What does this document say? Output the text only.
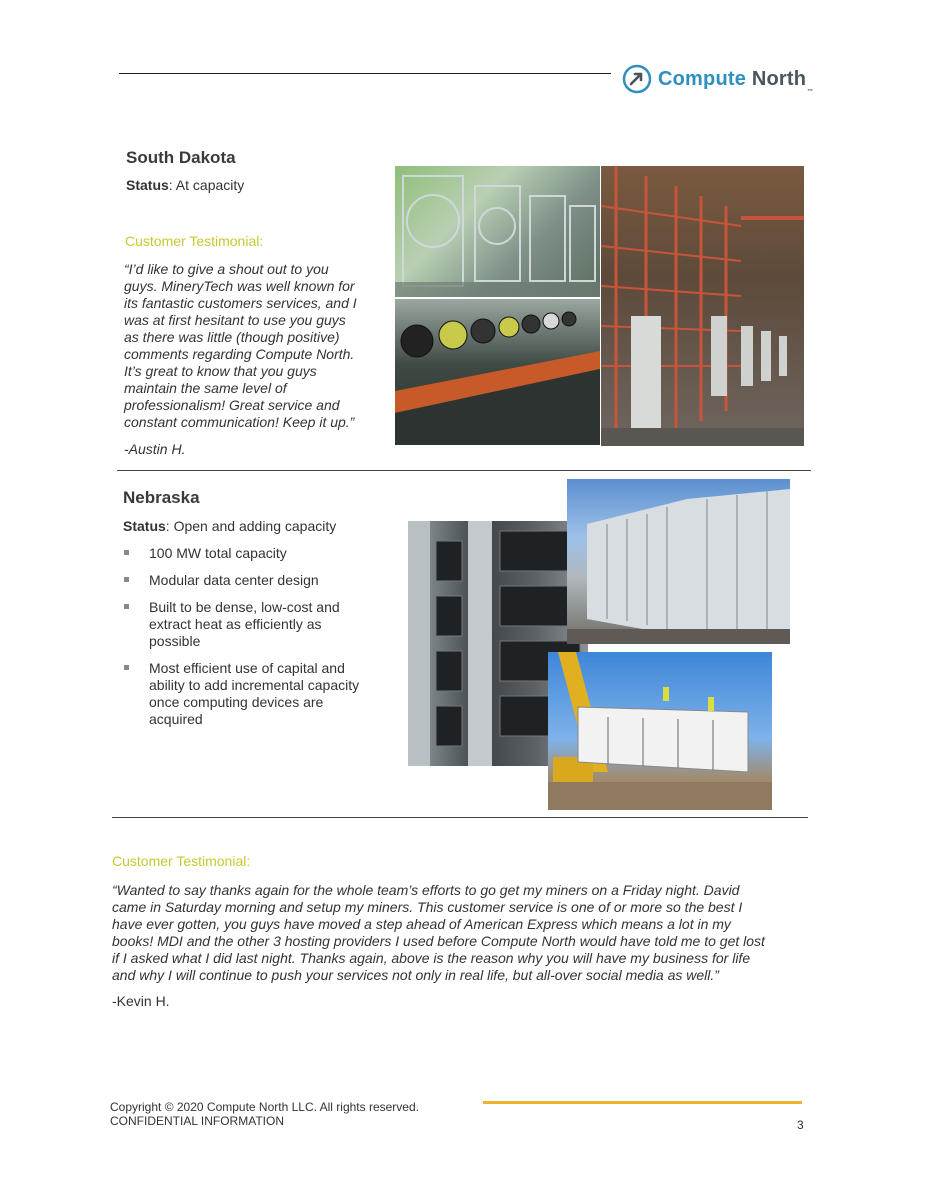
Compute North$_™$
South Dakota
Status: At capacity
Customer Testimonial:
“I’d like to give a shout out to you
guys. MineryTech was well known for
its fantastic customers services, and I
was at first hesitant to use you guys
as there was little (though positive)
comments regarding Compute North.
It’s great to know that you guys
maintain the same level of
professionalism! Great service and
constant communication! Keep it up.”
-Austin H.
Nebraska
Status: Open and adding capacity
100 MW total capacity
Modular data center design
Built to be dense, low-cost and extract heat as efficiently as possible
Most efficient use of capital and ability to add incremental capacity once computing devices are acquired
Customer Testimonial:
“Wanted to say thanks again for the whole team’s efforts to go get my miners on a Friday night. David
came in Saturday morning and setup my miners. This customer service is one of or more so the best I
have ever gotten, you guys have moved a step ahead of American Express which means a lot in my
books! MDI and the other 3 hosting providers I used before Compute North would have told me to get lost
if I asked what I did last night. Thanks again, above is the reason why you will have my business for life
and why I will continue to push your services not only in real life, but all-over social media as well.”
-Kevin H.
Copyright © 2020 Compute North LLC. All rights reserved.
CONFIDENTIAL INFORMATION	3
